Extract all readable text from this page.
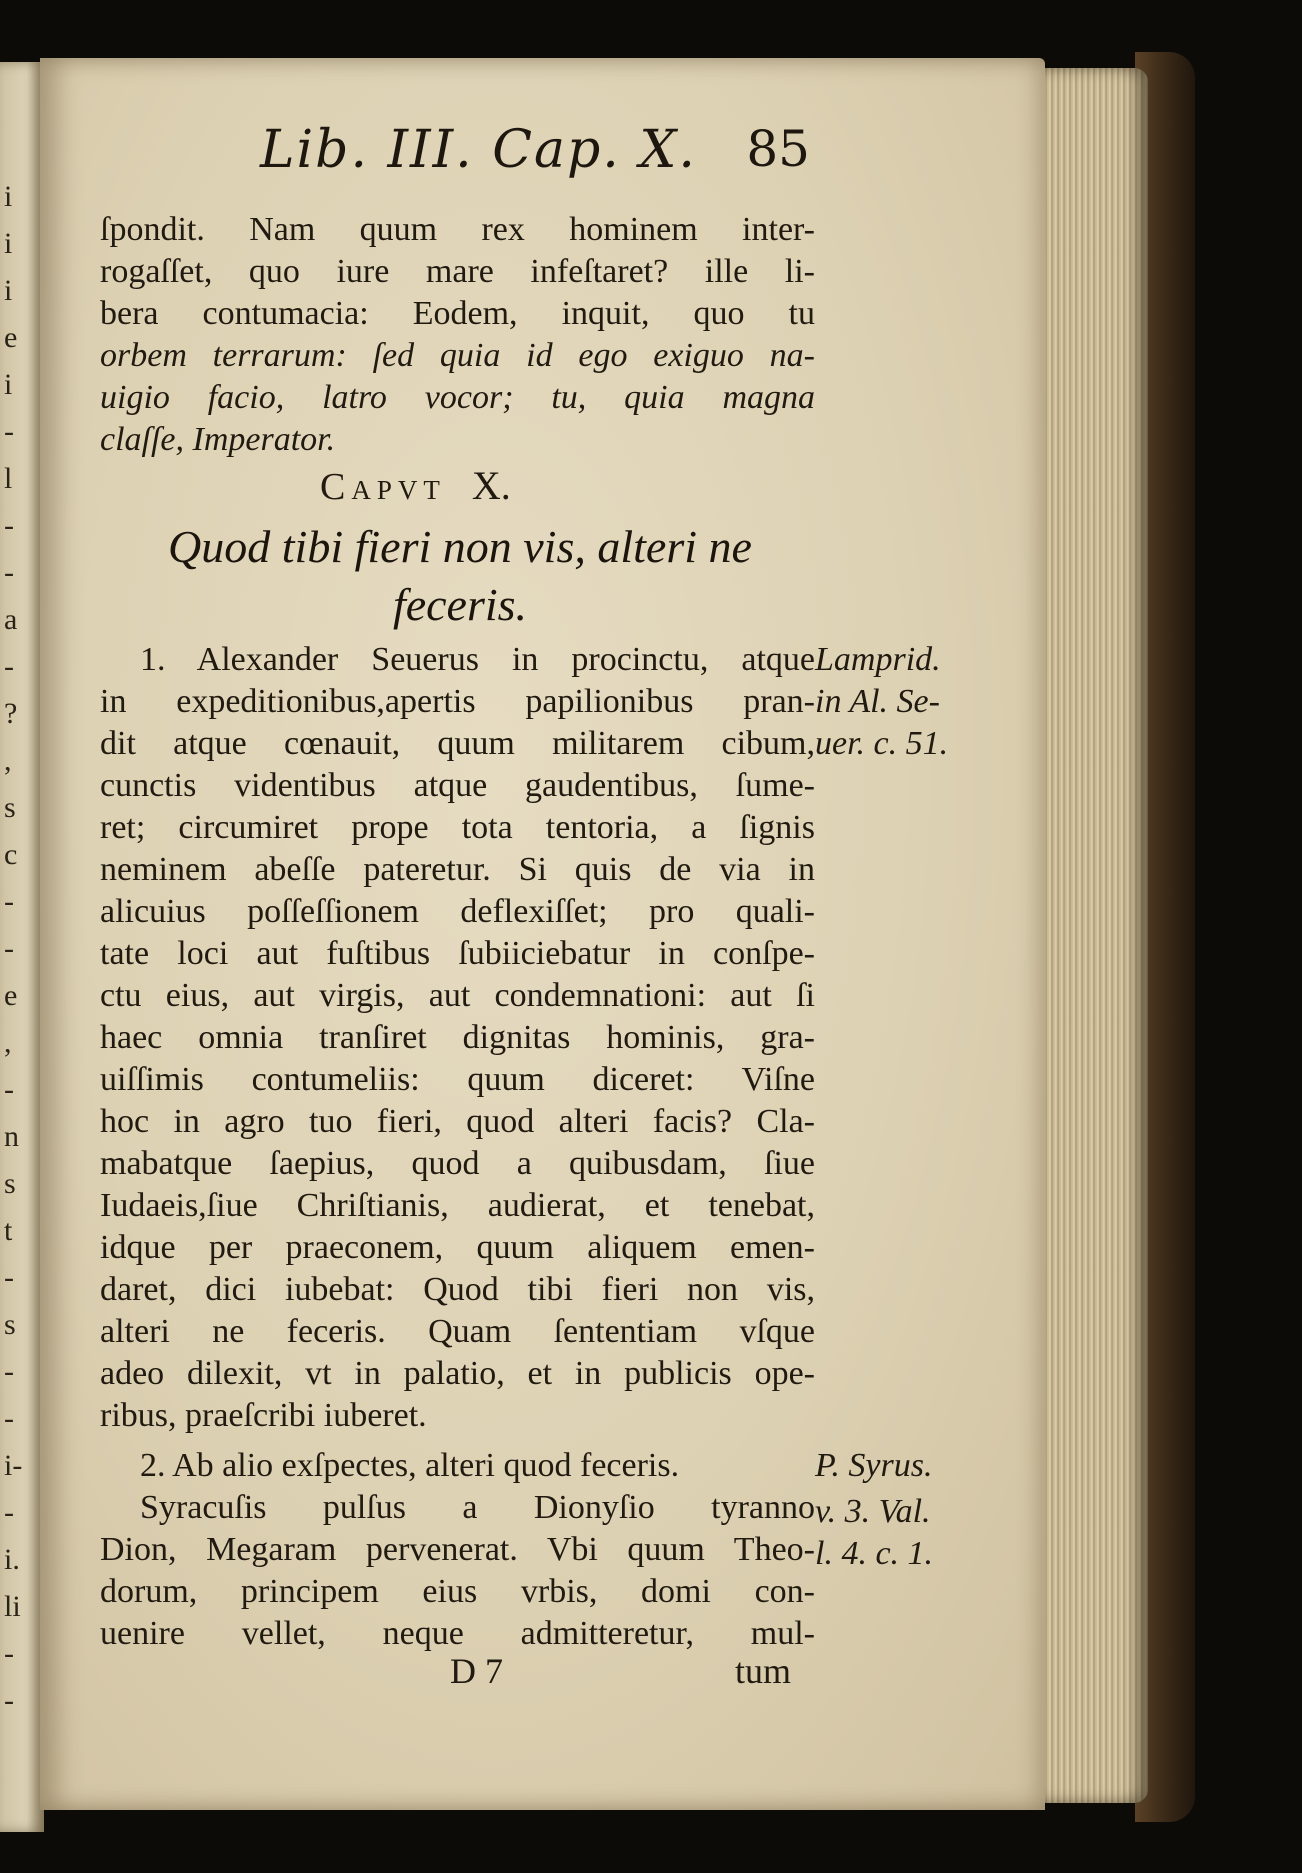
i
i
i
e
i
-
l
-
-
a
-
?
,
s
c
-
-
e
,
-
n
s
t
-
s
-
-
i-
-
i.
li
-
-
Lib. III. Cap. X. 85
ſpondit. Nam quum rex hominem inter-
rogaſſet, quo iure mare infeſtaret? ille li-
bera contumacia: Eodem, inquit, quo tu
orbem terrarum: ſed quia id ego exiguo na-
uigio facio, latro vocor; tu, quia magna
claſſe, Imperator.
Capvt X.
Quod tibi fieri non vis, alteri ne
feceris.
1. Alexander Seuerus in procinctu, atque
in expeditionibus,apertis papilionibus pran-
dit atque cœnauit, quum militarem cibum,
cunctis videntibus atque gaudentibus, ſume-
ret; circumiret prope tota tentoria, a ſignis
neminem abeſſe pateretur. Si quis de via in
alicuius poſſeſſionem deflexiſſet; pro quali-
tate loci aut fuſtibus ſubiiciebatur in conſpe-
ctu eius, aut virgis, aut condemnationi: aut ſi
haec omnia tranſiret dignitas hominis, gra-
uiſſimis contumeliis: quum diceret: Viſne
hoc in agro tuo fieri, quod alteri facis? Cla-
mabatque ſaepius, quod a quibusdam, ſiue
Iudaeis,ſiue Chriſtianis, audierat, et tenebat,
idque per praeconem, quum aliquem emen-
daret, dici iubebat: Quod tibi fieri non vis,
alteri ne feceris. Quam ſententiam vſque
adeo dilexit, vt in palatio, et in publicis ope-
ribus, praeſcribi iuberet.
2. Ab alio exſpectes, alteri quod feceris.
Syracuſis pulſus a Dionyſio tyranno
Dion, Megaram pervenerat. Vbi quum Theo-
dorum, principem eius vrbis, domi con-
uenire vellet, neque admitteretur, mul-
Lamprid.
in Al. Se-
uer. c. 51.
P. Syrus.
v. 3. Val.
l. 4. c. 1.
D 7	tum
